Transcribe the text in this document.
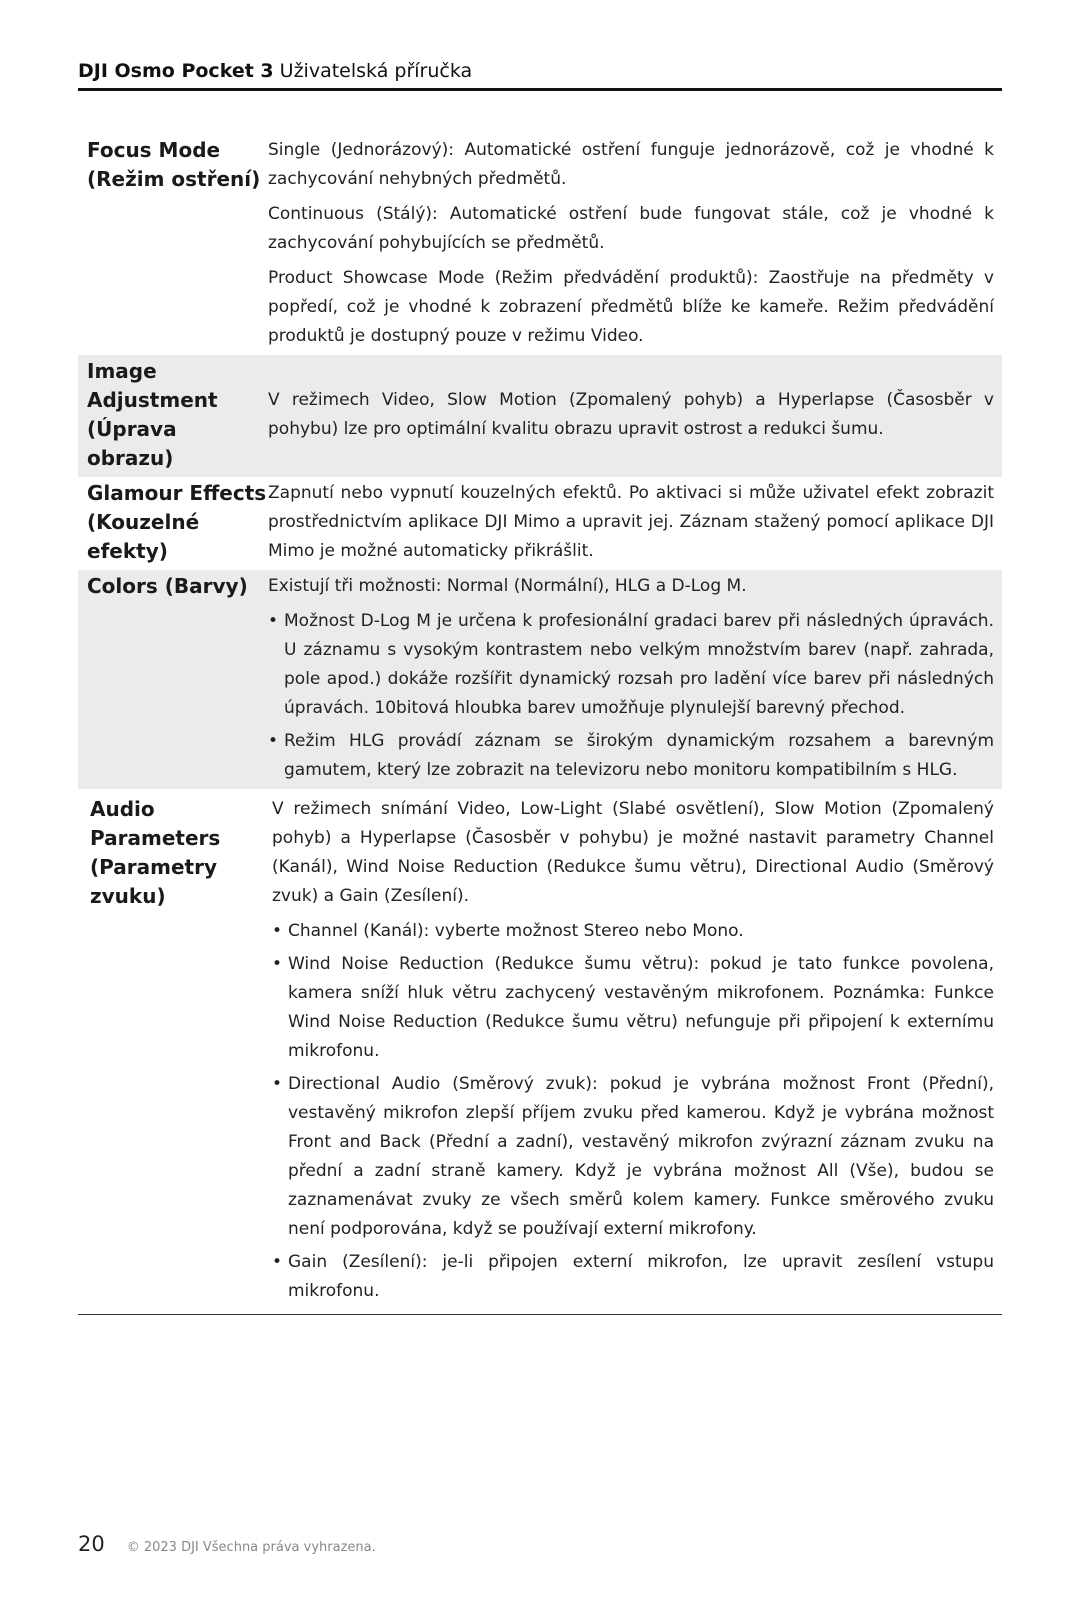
DJI Osmo Pocket 3 Uživatelská příručka
Focus Mode
(Režim ostření)

Single (Jednorázový): Automatické ostření funguje jednorázově, což je vhodné k zachycování nehybných předmětů.

Continuous (Stálý): Automatické ostření bude fungovat stále, což je vhodné k zachycování pohybujících se předmětů.

Product Showcase Mode (Režim předvádění produktů): Zaostřuje na předměty v popředí, což je vhodné k zobrazení předmětů blíže ke kameře. Režim předvádění produktů je dostupný pouze v režimu Video.

Image
Adjustment
(Úprava obrazu)

V režimech Video, Slow Motion (Zpomalený pohyb) a Hyperlapse (Časosběr v pohybu) lze pro optimální kvalitu obrazu upravit ostrost a redukci šumu.

Glamour Effects
(Kouzelné
efekty)

Zapnutí nebo vypnutí kouzelných efektů. Po aktivaci si může uživatel efekt zobrazit prostřednictvím aplikace DJI Mimo a upravit jej. Záznam stažený pomocí aplikace DJI Mimo je možné automaticky přikrášlit.

Colors (Barvy)	Existují tři možnosti: Normal (Normální), HLG a D-Log M.

• Možnost D-Log M je určena k profesionální gradaci barev při následných úpravách. U záznamu s vysokým kontrastem nebo velkým množstvím barev (např. zahrada, pole apod.) dokáže rozšířit dynamický rozsah pro ladění více barev při následných úpravách. 10bitová hloubka barev umožňuje plynulejší barevný přechod.
• Režim HLG provádí záznam se širokým dynamickým rozsahem a barevným gamutem, který lze zobrazit na televizoru nebo monitoru kompatibilním s HLG.
Audio
Parameters
(Parametry
zvuku)

V režimech snímání Video, Low-Light (Slabé osvětlení), Slow Motion (Zpomalený pohyb) a Hyperlapse (Časosběr v pohybu) je možné nastavit parametry Channel (Kanál), Wind Noise Reduction (Redukce šumu větru), Directional Audio (Směrový zvuk) a Gain (Zesílení).

• Channel (Kanál): vyberte možnost Stereo nebo Mono.
• Wind Noise Reduction (Redukce šumu větru): pokud je tato funkce povolena, kamera sníží hluk větru zachycený vestavěným mikrofonem. Poznámka: Funkce Wind Noise Reduction (Redukce šumu větru) nefunguje při připojení k externímu mikrofonu.
• Directional Audio (Směrový zvuk): pokud je vybrána možnost Front (Přední), vestavěný mikrofon zlepší příjem zvuku před kamerou. Když je vybrána možnost Front and Back (Přední a zadní), vestavěný mikrofon zvýrazní záznam zvuku na přední a zadní straně kamery. Když je vybrána možnost All (Vše), budou se zaznamenávat zvuky ze všech směrů kolem kamery. Funkce směrového zvuku není podporována, když se používají externí mikrofony.
• Gain (Zesílení): je-li připojen externí mikrofon, lze upravit zesílení vstupu mikrofonu.
20 © 2023 DJI Všechna práva vyhrazena.
